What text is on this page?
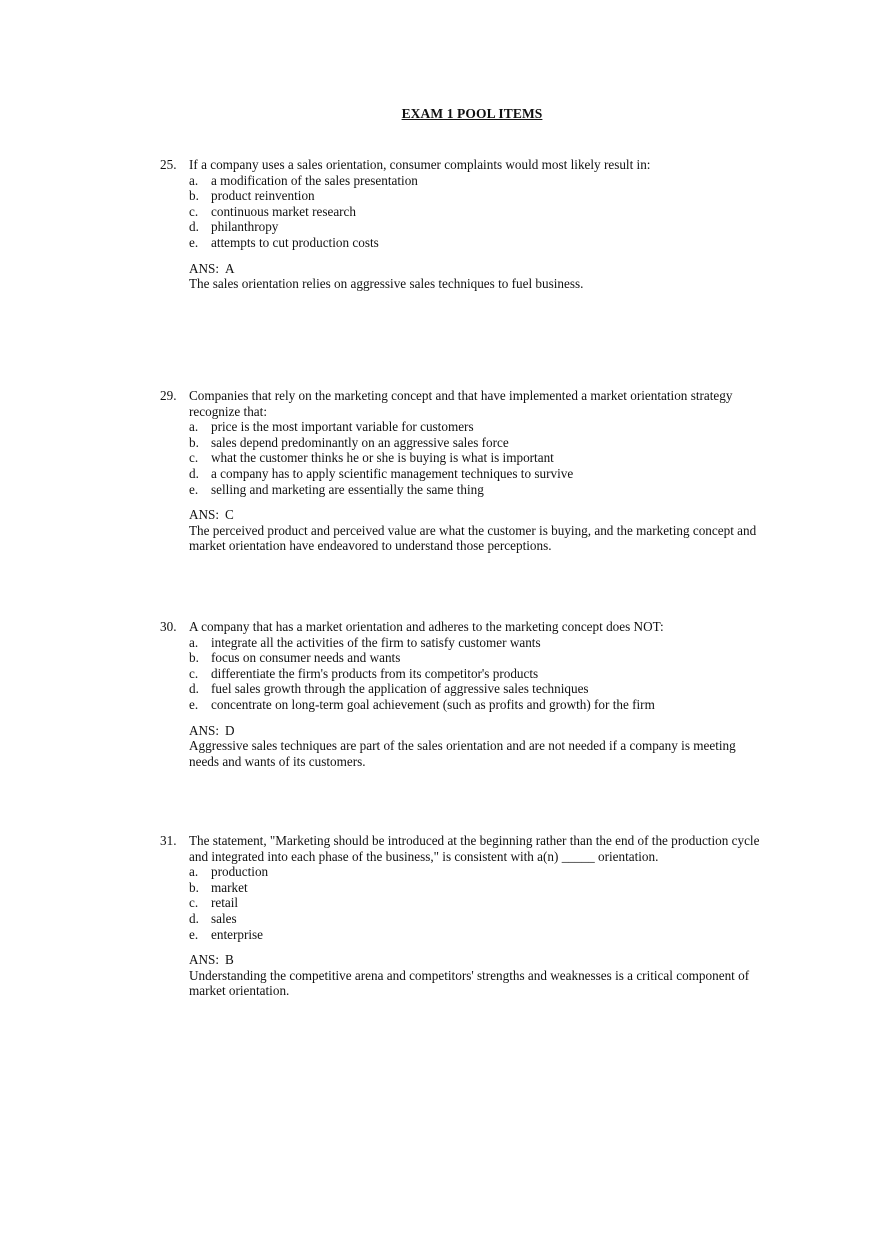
EXAM 1 POOL ITEMS
25. If a company uses a sales orientation, consumer complaints would most likely result in:
a. a modification of the sales presentation
b. product reinvention
c. continuous market research
d. philanthropy
e. attempts to cut production costs
ANS: A
The sales orientation relies on aggressive sales techniques to fuel business.
29. Companies that rely on the marketing concept and that have implemented a market orientation strategy recognize that:
a. price is the most important variable for customers
b. sales depend predominantly on an aggressive sales force
c. what the customer thinks he or she is buying is what is important
d. a company has to apply scientific management techniques to survive
e. selling and marketing are essentially the same thing
ANS: C
The perceived product and perceived value are what the customer is buying, and the marketing concept and market orientation have endeavored to understand those perceptions.
30. A company that has a market orientation and adheres to the marketing concept does NOT:
a. integrate all the activities of the firm to satisfy customer wants
b. focus on consumer needs and wants
c. differentiate the firm's products from its competitor's products
d. fuel sales growth through the application of aggressive sales techniques
e. concentrate on long-term goal achievement (such as profits and growth) for the firm
ANS: D
Aggressive sales techniques are part of the sales orientation and are not needed if a company is meeting needs and wants of its customers.
31. The statement, "Marketing should be introduced at the beginning rather than the end of the production cycle and integrated into each phase of the business," is consistent with a(n) _____ orientation.
a. production
b. market
c. retail
d. sales
e. enterprise
ANS: B
Understanding the competitive arena and competitors' strengths and weaknesses is a critical component of market orientation.
